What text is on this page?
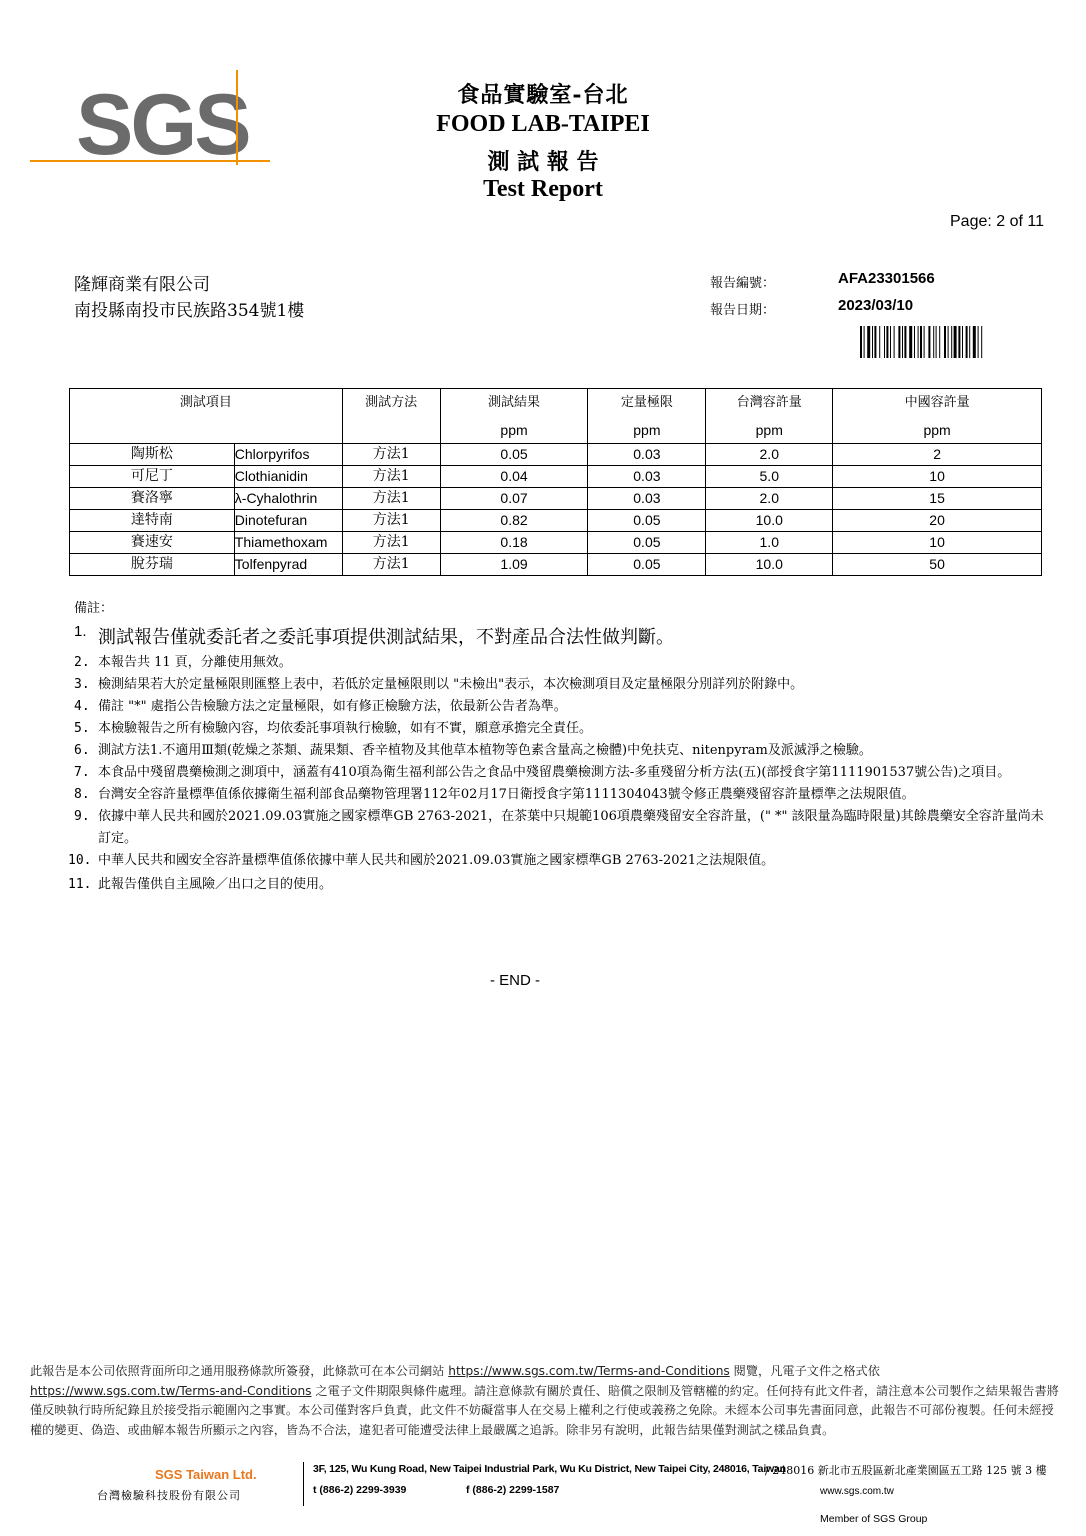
SGS	食品實驗室-台北
FOOD LAB-TAIPEI
測 試 報 告
Test Report
Page: 2 of 11
隆輝商業有限公司
南投縣南投市民族路354號1樓
報告編號：	AFA23301566
報告日期：	2023/03/10
測試項目		測試方法	測試結果	定量極限	台灣容許量	中國容許量
			ppm	ppm	ppm	ppm
陶斯松	Chlorpyrifos	方法1	0.05	0.03	2.0	2
可尼丁	Clothianidin	方法1	0.04	0.03	5.0	10
賽洛寧	λ-Cyhalothrin	方法1	0.07	0.03	2.0	15
達特南	Dinotefuran	方法1	0.82	0.05	10.0	20
賽速安	Thiamethoxam	方法1	0.18	0.05	1.0	10
脫芬瑞	Tolfenpyrad	方法1	1.09	0.05	10.0	50
備註：
1. 測試報告僅就委託者之委託事項提供測試結果，不對產品合法性做判斷。
2. 本報告共 11 頁，分離使用無效。
3. 檢測結果若大於定量極限則匯整上表中，若低於定量極限則以 "未檢出"表示，本次檢測項目及定量極限分別詳列於附錄中。
4. 備註 "*" 處指公告檢驗方法之定量極限，如有修正檢驗方法，依最新公告者為準。
5. 本檢驗報告之所有檢驗內容，均依委託事項執行檢驗，如有不實，願意承擔完全責任。
6. 測試方法1.不適用Ⅲ類(乾燥之茶類、蔬果類、香辛植物及其他草本植物等色素含量高之檢體)中免扶克、nitenpyram及派滅淨之檢驗。
7. 本食品中殘留農藥檢測之測項中，涵蓋有410項為衛生福利部公告之食品中殘留農藥檢測方法-多重殘留分析方法(五)(部授食字第1111901537號公告)之項目。
8. 台灣安全容許量標準值係依據衛生福利部食品藥物管理署112年02月17日衛授食字第1111304043號令修正農藥殘留容許量標準之法規限值。
9. 依據中華人民共和國於2021.09.03實施之國家標準GB 2763-2021，在茶葉中只規範106項農藥殘留安全容許量，(" *" 該限量為臨時限量)其餘農藥安全容許量尚未訂定。
10. 中華人民共和國安全容許量標準值係依據中華人民共和國於2021.09.03實施之國家標準GB 2763-2021之法規限值。
11. 此報告僅供自主風險／出口之目的使用。
- END -
此報告是本公司依照背面所印之通用服務條款所簽發，此條款可在本公司網站 https://www.sgs.com.tw/Terms-and-Conditions 閱覽，凡電子文件之格式依 https://www.sgs.com.tw/Terms-and-Conditions 之電子文件期限與條件處理。請注意條款有關於責任、賠償之限制及管轄權的約定。任何持有此文件者，請注意本公司製作之結果報告書將僅反映執行時所紀錄且於接受指示範圍內之事實。本公司僅對客戶負責，此文件不妨礙當事人在交易上權利之行使或義務之免除。未經本公司事先書面同意，此報告不可部份複製。任何未經授權的變更、偽造、或曲解本報告所顯示之內容，皆為不合法，違犯者可能遭受法律上最嚴厲之追訴。除非另有說明，此報告結果僅對測試之樣品負責。
SGS Taiwan Ltd.
台灣檢驗科技股份有限公司
3F, 125, Wu Kung Road, New Taipei Industrial Park, Wu Ku District, New Taipei City, 248016, Taiwan
/ 248016 新北市五股區新北產業園區五工路 125 號 3 樓
t (886-2) 2299-3939	f (886-2) 2299-1587	www.sgs.com.tw
Member of SGS Group
